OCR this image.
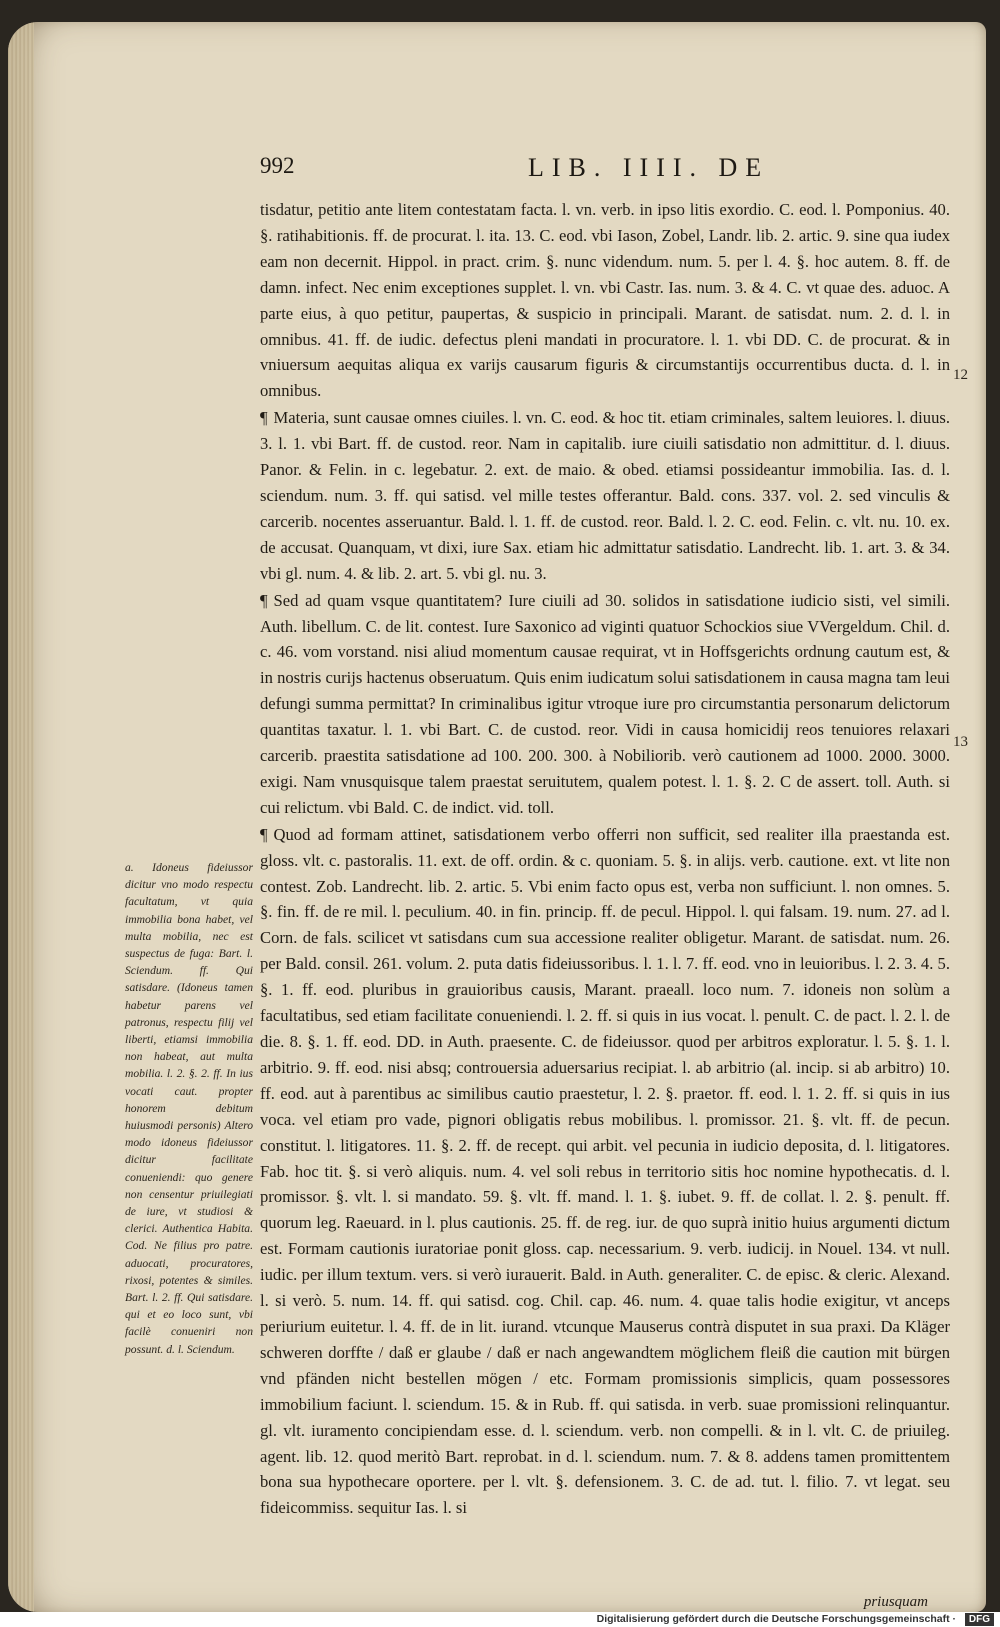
992	LIB. IIII. DE

tisdatur, petitio ante litem contestatam facta. l. vn. verb. in ipso litis exordio. C. eod. l. Pomponius. 40. §. ratihabitionis. ff. de procurat. l. ita. 13. C. eod. vbi Iason, Zobel, Landr. lib. 2. artic. 9. sine qua iudex eam non decernit. Hippol. in pract. crim. §. nunc videndum. num. 5. per l. 4. §. hoc autem. 8. ff. de damn. infect. Nec enim exceptiones supplet. l. vn. vbi Castr. Ias. num. 3. & 4. C. vt quae des. aduoc. A parte eius, à quo petitur, paupertas, & suspicio in principali. Marant. de satisdat. num. 2. d. l. in omnibus. 41. ff. de iudic. defectus pleni mandati in procuratore. l. 1. vbi DD. C. de procurat. & in vniuersum aequitas aliqua ex varijs causarum figuris & circumstantijs occurrentibus ducta. d. l. in omnibus.

¶ Materia, sunt causae omnes ciuiles. l. vn. C. eod. & hoc tit. etiam criminales, saltem leuiores. l. diuus. 3. l. 1. vbi Bart. ff. de custod. reor. Nam in capitalib. iure ciuili satisdatio non admittitur. d. l. diuus. Panor. & Felin. in c. legebatur. 2. ext. de maio. & obed. etiamsi possideantur immobilia. Ias. d. l. sciendum. num. 3. ff. qui satisd. vel mille testes offerantur. Bald. cons. 337. vol. 2. sed vinculis & carcerib. nocentes asseruantur. Bald. l. 1. ff. de custod. reor. Bald. l. 2. C. eod. Felin. c. vlt. nu. 10. ex. de accusat. Quanquam, vt dixi, iure Sax. etiam hic admittatur satisdatio. Landrecht. lib. 1. art. 3. & 34. vbi gl. num. 4. & lib. 2. art. 5. vbi gl. nu. 3.

¶ Sed ad quam vsque quantitatem? Iure ciuili ad 30. solidos in satisdatione iudicio sisti, vel simili. Auth. libellum. C. de lit. contest. Iure Saxonico ad viginti quatuor Schockios siue VVergeldum. Chil. d. c. 46. vom vorstand. nisi aliud momentum causae requirat, vt in Hoffsgerichts ordnung cautum est, & in nostris curijs hactenus obseruatum. Quis enim iudicatum solui satisdationem in causa magna tam leui defungi summa permittat? In criminalibus igitur vtroque iure pro circumstantia personarum delictorum quantitas taxatur. l. 1. vbi Bart. C. de custod. reor. Vidi in causa homicidij reos tenuiores relaxari carcerib. praestita satisdatione ad 100. 200. 300. à Nobiliorib. verò cautionem ad 1000. 2000. 3000. exigi. Nam vnusquisque talem praestat seruitutem, qualem potest. l. 1. §. 2. C de assert. toll. Auth. si cui relictum. vbi Bald. C. de indict. vid. toll.

¶ Quod ad formam attinet, satisdationem verbo offerri non sufficit, sed realiter illa praestanda est. gloss. vlt. c. pastoralis. 11. ext. de off. ordin. & c. quoniam. 5. §. in alijs. verb. cautione. ext. vt lite non contest. Zob. Landrecht. lib. 2. artic. 5. Vbi enim facto opus est, verba non sufficiunt. l. non omnes. 5. §. fin. ff. de re mil. l. peculium. 40. in fin. princip. ff. de pecul. Hippol. l. qui falsam. 19. num. 27. ad l. Corn. de fals. scilicet vt satisdans cum sua accessione realiter obligetur. Marant. de satisdat. num. 26. per Bald. consil. 261. volum. 2. puta datis fideiussoribus. l. 1. l. 7. ff. eod. vno in leuioribus. l. 2. 3. 4. 5. §. 1. ff. eod. pluribus in grauioribus causis, Marant. praeall. loco num. 7. idoneis non solùm a facultatibus, sed etiam facilitate conueniendi. l. 2. ff. si quis in ius vocat. l. penult. C. de pact. l. 2. l. de die. 8. §. 1. ff. eod. DD. in Auth. praesente. C. de fideiussor. quod per arbitros exploratur. l. 5. §. 1. l. arbitrio. 9. ff. eod. nisi absq; controuersia aduersarius recipiat. l. ab arbitrio (al. incip. si ab arbitro) 10. ff. eod. aut à parentibus ac similibus cautio praestetur, l. 2. §. praetor. ff. eod. l. 1. 2. ff. si quis in ius voca. vel etiam pro vade, pignori obligatis rebus mobilibus. l. promissor. 21. §. vlt. ff. de pecun. constitut. l. litigatores. 11. §. 2. ff. de recept. qui arbit. vel pecunia in iudicio deposita, d. l. litigatores. Fab. hoc tit. §. si verò aliquis. num. 4. vel soli rebus in territorio sitis hoc nomine hypothecatis. d. l. promissor. §. vlt. l. si mandato. 59. §. vlt. ff. mand. l. 1. §. iubet. 9. ff. de collat. l. 2. §. penult. ff. quorum leg. Raeuard. in l. plus cautionis. 25. ff. de reg. iur. de quo suprà initio huius argumenti dictum est. Formam cautionis iuratoriae ponit gloss. cap. necessarium. 9. verb. iudicij. in Nouel. 134. vt null. iudic. per illum textum. vers. si verò iurauerit. Bald. in Auth. generaliter. C. de episc. & cleric. Alexand. l. si verò. 5. num. 14. ff. qui satisd. cog. Chil. cap. 46. num. 4. quae talis hodie exigitur, vt anceps periurium euitetur. l. 4. ff. de in lit. iurand. vtcunque Mauserus contrà disputet in sua praxi. Da Kläger schweren dorffte / daß er glaube / daß er nach angewandtem möglichem fleiß die caution mit bürgen vnd pfänden nicht bestellen mögen / etc. Formam promissionis simplicis, quam possessores immobilium faciunt. l. sciendum. 15. & in Rub. ff. qui satisda. in verb. suae promissioni relinquantur. gl. vlt. iuramento concipiendam esse. d. l. sciendum. verb. non compelli. & in l. vlt. C. de priuileg. agent. lib. 12. quod meritò Bart. reprobat. in d. l. sciendum. num. 7. & 8. addens tamen promittentem bona sua hypothecare oportere. per l. vlt. §. defensionem. 3. C. de ad. tut. l. filio. 7. vt legat. seu fideicommiss. sequitur Ias. l. si

12
13
a. Idoneus fideiussor dicitur vno modo respectu facultatum, vt quia immobilia bona habet, vel multa mobilia, nec est suspectus de fuga: Bart. l. Sciendum. ff. Qui satisdare. (Idoneus tamen habetur parens vel patronus, respectu filij vel liberti, etiamsi immobilia non habeat, aut multa mobilia. l. 2. §. 2. ff. In ius vocati caut. propter honorem debitum huiusmodi personis) Altero modo idoneus fideiussor dicitur facilitate conueniendi: quo genere non censentur priuilegiati de iure, vt studiosi & clerici. Authentica Habita. Cod. Ne filius pro patre. aduocati, procuratores, rixosi, potentes & similes. Bart. l. 2. ff. Qui satisdare. qui et eo loco sunt, vbi facilè conueniri non possunt. d. l. Sciendum.
priusquam
Digitalisierung gefördert durch die Deutsche Forschungsgemeinschaft ·	DFG
